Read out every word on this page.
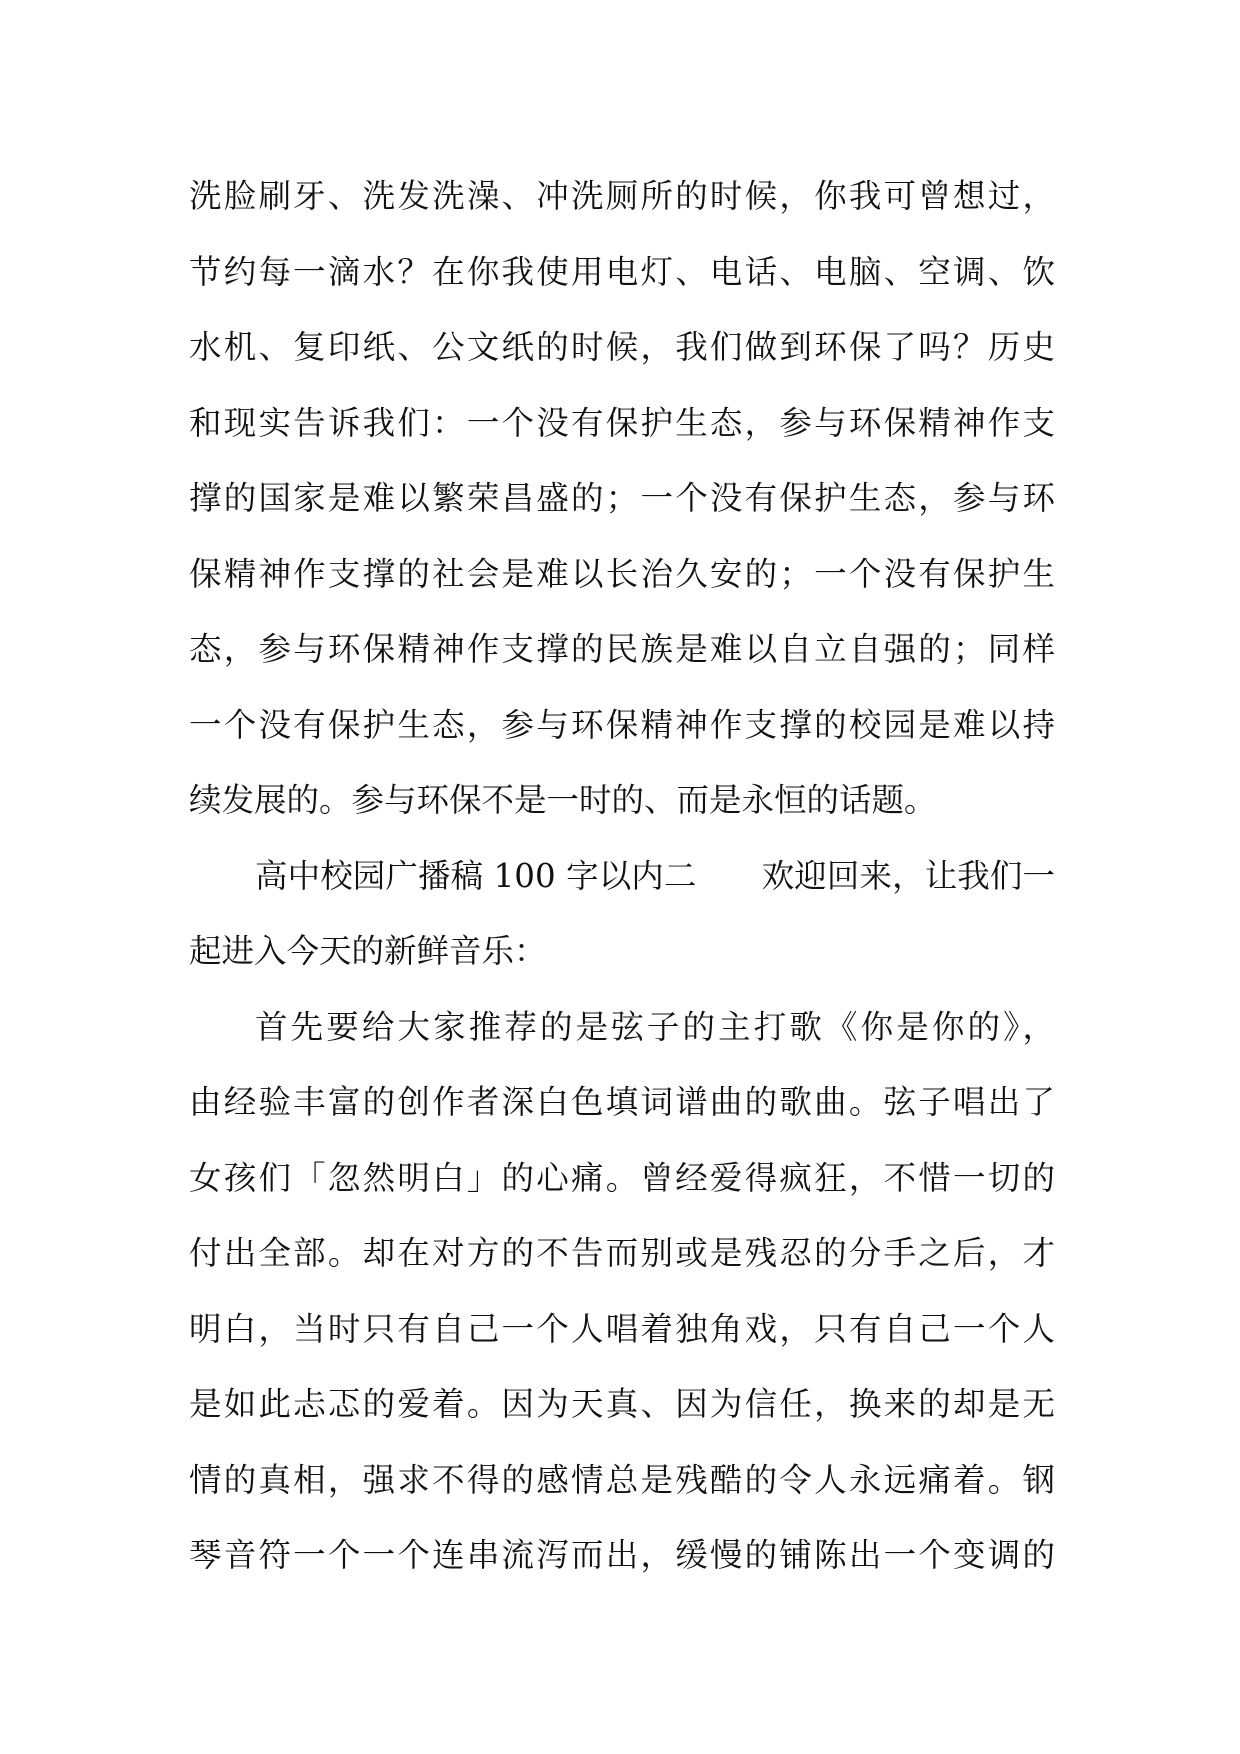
洗脸刷牙、洗发洗澡、冲洗厕所的时候，你我可曾想过，
节约每一滴水？在你我使用电灯、电话、电脑、空调、饮
水机、复印纸、公文纸的时候，我们做到环保了吗？历史
和现实告诉我们：一个没有保护生态，参与环保精神作支
撑的国家是难以繁荣昌盛的；一个没有保护生态，参与环
保精神作支撑的社会是难以长治久安的；一个没有保护生
态，参与环保精神作支撑的民族是难以自立自强的；同样
一个没有保护生态，参与环保精神作支撑的校园是难以持
续发展的。参与环保不是一时的、而是永恒的话题。
高中校园广播稿 100 字以内二　　欢迎回来，让我们一
起进入今天的新鲜音乐：
首先要给大家推荐的是弦子的主打歌《你是你的》，
由经验丰富的创作者深白色填词谱曲的歌曲。弦子唱出了
女孩们「忽然明白」的心痛。曾经爱得疯狂，不惜一切的
付出全部。却在对方的不告而别或是残忍的分手之后，才
明白，当时只有自己一个人唱着独角戏，只有自己一个人
是如此忐忑的爱着。因为天真、因为信任，换来的却是无
情的真相，强求不得的感情总是残酷的令人永远痛着。钢
琴音符一个一个连串流泻而出，缓慢的铺陈出一个变调的
